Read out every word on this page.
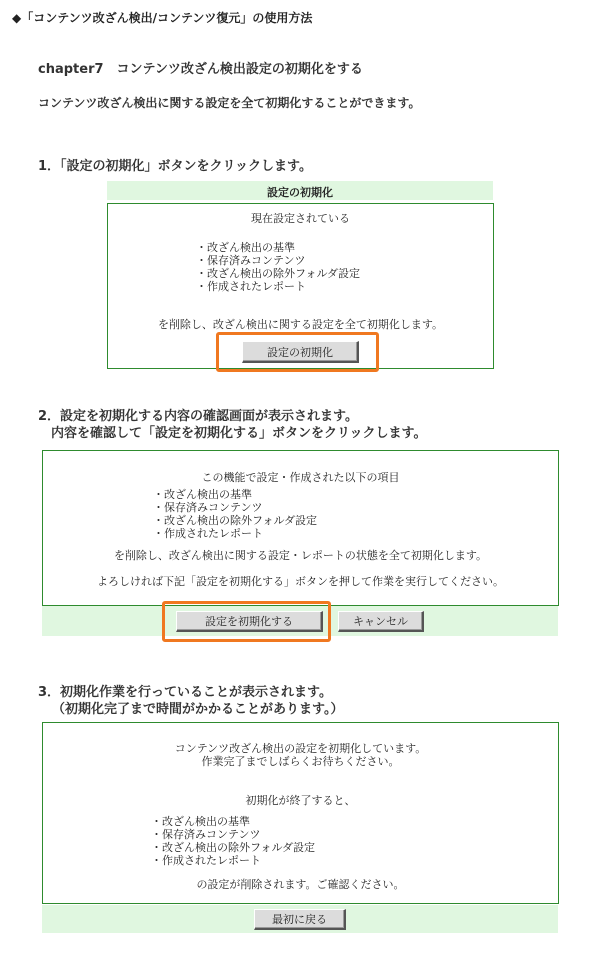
◆「コンテンツ改ざん検出/コンテンツ復元」の使用方法
chapter7　コンテンツ改ざん検出設定の初期化をする
コンテンツ改ざん検出に関する設定を全て初期化することができます。
1．「設定の初期化」ボタンをクリックします。
設定の初期化
現在設定されている
・改ざん検出の基準
・保存済みコンテンツ
・改ざん検出の除外フォルダ設定
・作成されたレポート
を削除し、改ざん検出に関する設定を全て初期化します。
設定の初期化
2．設定を初期化する内容の確認画面が表示されます。
　内容を確認して「設定を初期化する」ボタンをクリックします。
この機能で設定・作成された以下の項目
・改ざん検出の基準
・保存済みコンテンツ
・改ざん検出の除外フォルダ設定
・作成されたレポート
を削除し、改ざん検出に関する設定・レポートの状態を全て初期化します。
よろしければ下記「設定を初期化する」ボタンを押して作業を実行してください。
設定を初期化する	キャンセル
3．初期化作業を行っていることが表示されます。
（初期化完了まで時間がかかることがあります。）
コンテンツ改ざん検出の設定を初期化しています。
作業完了までしばらくお待ちください。
初期化が終了すると、
・改ざん検出の基準
・保存済みコンテンツ
・改ざん検出の除外フォルダ設定
・作成されたレポート
の設定が削除されます。ご確認ください。
最初に戻る
